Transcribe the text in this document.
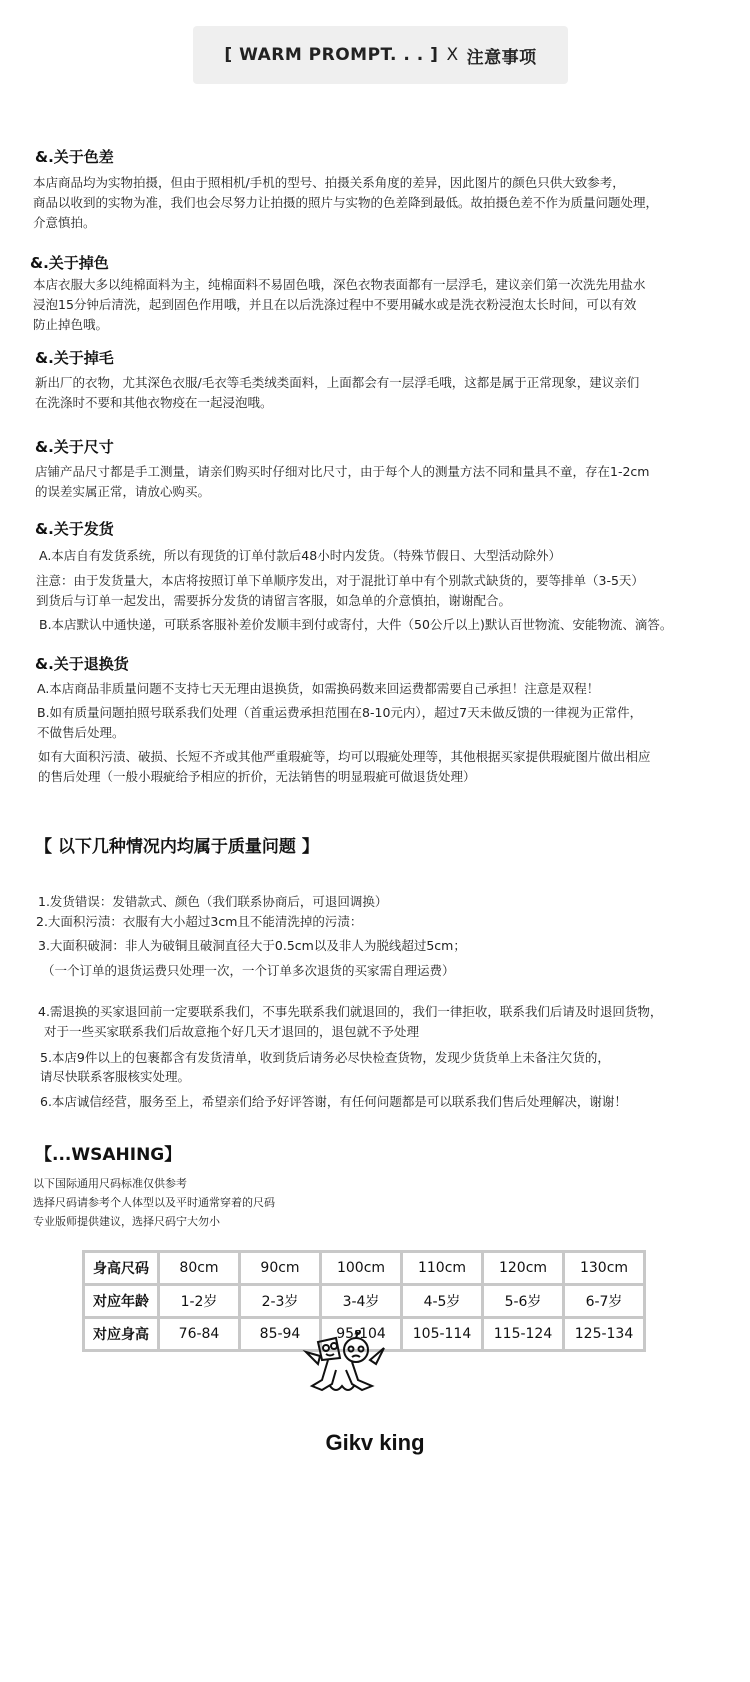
[ WARM PROMPT. . . ] X 注意事项
&.关于色差
本店商品均为实物拍摄，但由于照相机/手机的型号、拍摄关系角度的差异，因此图片的颜色只供大致参考，
商品以收到的实物为准，我们也会尽努力让拍摄的照片与实物的色差降到最低。故拍摄色差不作为质量问题处理，
介意慎拍。
&.关于掉色
本店衣服大多以纯棉面料为主，纯棉面料不易固色哦，深色衣物表面都有一层浮毛，建议亲们第一次洗先用盐水
浸泡15分钟后清洗，起到固色作用哦，并且在以后洗涤过程中不要用碱水或是洗衣粉浸泡太长时间，可以有效
防止掉色哦。
&.关于掉毛
新出厂的衣物，尤其深色衣服/毛衣等毛类绒类面料，上面都会有一层浮毛哦，这都是属于正常现象，建议亲们
在洗涤时不要和其他衣物疫在一起浸泡哦。
&.关于尺寸
店铺产品尺寸都是手工测量，请亲们购买时仔细对比尺寸，由于每个人的测量方法不同和量具不童，存在1-2cm
的误差实属正常，请放心购买。
&.关于发货
A.本店自有发货系统，所以有现货的订单付款后48小时内发货。（特殊节假日、大型活动除外）
注意：由于发货量大，本店将按照订单下单顺序发出，对于混批订单中有个别款式缺货的，要等排单（3-5天）
到货后与订单一起发出，需要拆分发货的请留言客服，如急单的介意慎拍，谢谢配合。
B.本店默认中通快递，可联系客服补差价发顺丰到付或寄付，大件（50公斤以上)默认百世物流、安能物流、滴答。
&.关于退换货
A.本店商品非质量问题不支持七天无理由退换货，如需换码数来回运费都需要自己承担！注意是双程！
B.如有质量问题拍照号联系我们处理（首重运费承担范围在8-10元内），超过7天未做反馈的一律视为正常件，
不做售后处理。
如有大面积污渍、破损、长短不齐或其他严重瑕疵等，均可以瑕疵处理等，其他根据买家提供瑕疵图片做出相应
的售后处理（一般小瑕疵给予相应的折价，无法销售的明显瑕疵可做退货处理）
【 以下几种情况内均属于质量问题 】
1.发货错误：发错款式、颜色（我们联系协商后，可退回调换）
2.大面积污渍：衣服有大小超过3cm且不能清洗掉的污渍：
3.大面积破洞：非人为破铜且破洞直径大于0.5cm以及非人为脱线超过5cm；
（一个订单的退货运费只处理一次，一个订单多次退货的买家需自理运费）
4.需退换的买家退回前一定要联系我们，不事先联系我们就退回的，我们一律拒收，联系我们后请及时退回货物，
对于一些买家联系我们后故意拖个好几天才退回的，退包就不予处理
5.本店9件以上的包裹都含有发货清单，收到货后请务必尽快检查货物，发现少货货单上未备注欠货的，
请尽快联系客服核实处理。
6.本店诚信经营，服务至上，希望亲们给予好评答谢，有任何问题都是可以联系我们售后处理解决，谢谢！
【...WSAHING】
以下国际通用尺码标准仅供参考
选择尺码请参考个人体型以及平时通常穿着的尺码
专业版师提供建议，选择尺码宁大勿小
身高尺码	80cm	90cm	100cm	110cm	120cm	130cm
对应年龄	1-2岁	2-3岁	3-4岁	4-5岁	5-6岁	6-7岁
对应身高	76-84	85-94	95-104	105-114	115-124	125-134
Gikv king
